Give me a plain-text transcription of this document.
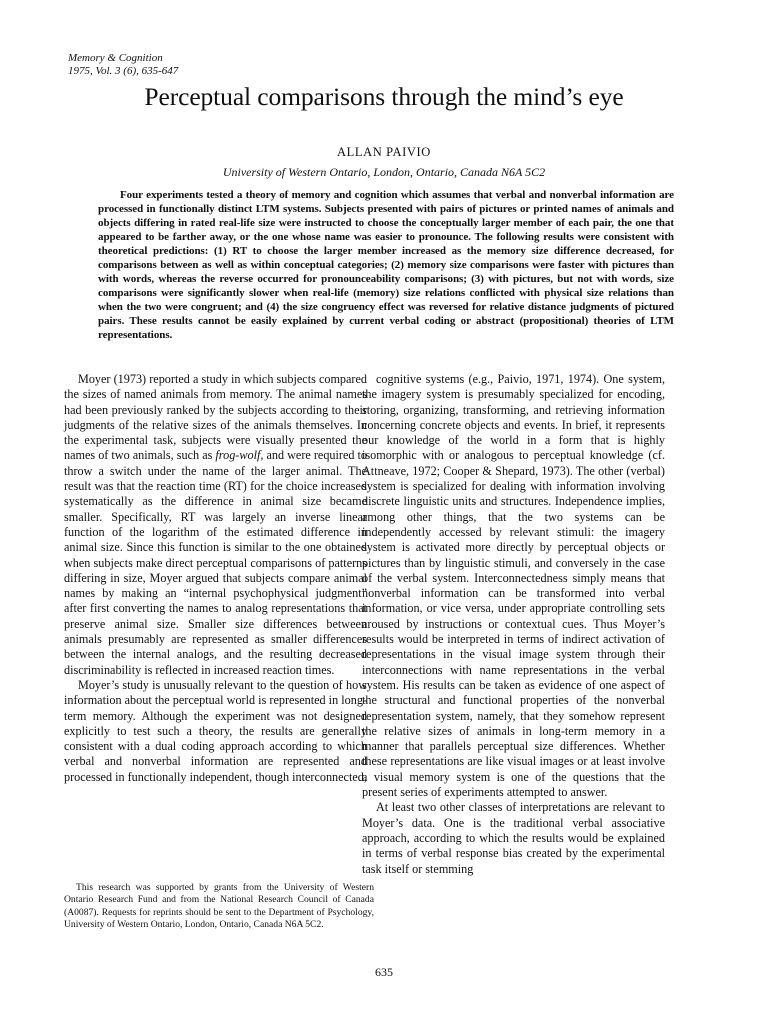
Memory & Cognition
1975, Vol. 3 (6), 635-647
Perceptual comparisons through the mind’s eye
ALLAN PAIVIO
University of Western Ontario, London, Ontario, Canada N6A 5C2

Four experiments tested a theory of memory and cognition which assumes that verbal and nonverbal information are processed in functionally distinct LTM systems. Subjects presented with pairs of pictures or printed names of animals and objects differing in rated real-life size were instructed to choose the conceptually larger member of each pair, the one that appeared to be farther away, or the one whose name was easier to pronounce. The following results were consistent with theoretical predictions: (1) RT to choose the larger member increased as the memory size difference decreased, for comparisons between as well as within conceptual categories; (2) memory size comparisons were faster with pictures than with words, whereas the reverse occurred for pronounceability comparisons; (3) with pictures, but not with words, size comparisons were significantly slower when real-life (memory) size relations conflicted with physical size relations than when the two were congruent; and (4) the size congruency effect was reversed for relative distance judgments of pictured pairs. These results cannot be easily explained by current verbal coding or abstract (propositional) theories of LTM representations.

Moyer (1973) reported a study in which subjects compared the sizes of named animals from memory. The animal names had been previously ranked by the subjects according to their judgments of the relative sizes of the animals themselves. In the experimental task, subjects were visually presented the names of two animals, such as frog-wolf, and were required to throw a switch under the name of the larger animal. The result was that the reaction time (RT) for the choice increased systematically as the difference in animal size became smaller. Specifically, RT was largely an inverse linear function of the logarithm of the estimated difference in animal size. Since this function is similar to the one obtained when subjects make direct perceptual comparisons of patterns differing in size, Moyer argued that subjects compare animal names by making an “internal psychophysical judgment” after first converting the names to analog representations that preserve animal size. Smaller size differences between animals presumably are represented as smaller differences between the internal analogs, and the resulting decreased discriminability is reflected in increased reaction times.

Moyer’s study is unusually relevant to the question of how information about the perceptual world is represented in long-term memory. Although the experiment was not designed explicitly to test such a theory, the results are generally consistent with a dual coding approach according to which verbal and nonverbal information are represented and processed in functionally independent, though interconnected,

cognitive systems (e.g., Paivio, 1971, 1974). One system, the imagery system is presumably specialized for encoding, storing, organizing, transforming, and retrieving information concerning concrete objects and events. In brief, it represents our knowledge of the world in a form that is highly isomorphic with or analogous to perceptual knowledge (cf. Attneave, 1972; Cooper & Shepard, 1973). The other (verbal) system is specialized for dealing with information involving discrete linguistic units and structures. Independence implies, among other things, that the two systems can be independently accessed by relevant stimuli: the imagery system is activated more directly by perceptual objects or pictures than by linguistic stimuli, and conversely in the case of the verbal system. Interconnectedness simply means that nonverbal information can be transformed into verbal information, or vice versa, under appropriate controlling sets aroused by instructions or contextual cues. Thus Moyer’s results would be interpreted in terms of indirect activation of representations in the visual image system through their interconnections with name representations in the verbal system. His results can be taken as evidence of one aspect of the structural and functional properties of the nonverbal representation system, namely, that they somehow represent the relative sizes of animals in long-term memory in a manner that parallels perceptual size differences. Whether these representations are like visual images or at least involve a visual memory system is one of the questions that the present series of experiments attempted to answer.

At least two other classes of interpretations are relevant to Moyer’s data. One is the traditional verbal associative approach, according to which the results would be explained in terms of verbal response bias created by the experimental task itself or stemming

This research was supported by grants from the University of Western Ontario Research Fund and from the National Research Council of Canada (A0087). Requests for reprints should be sent to the Department of Psychology, University of Western Ontario, London, Ontario, Canada N6A 5C2.

635
